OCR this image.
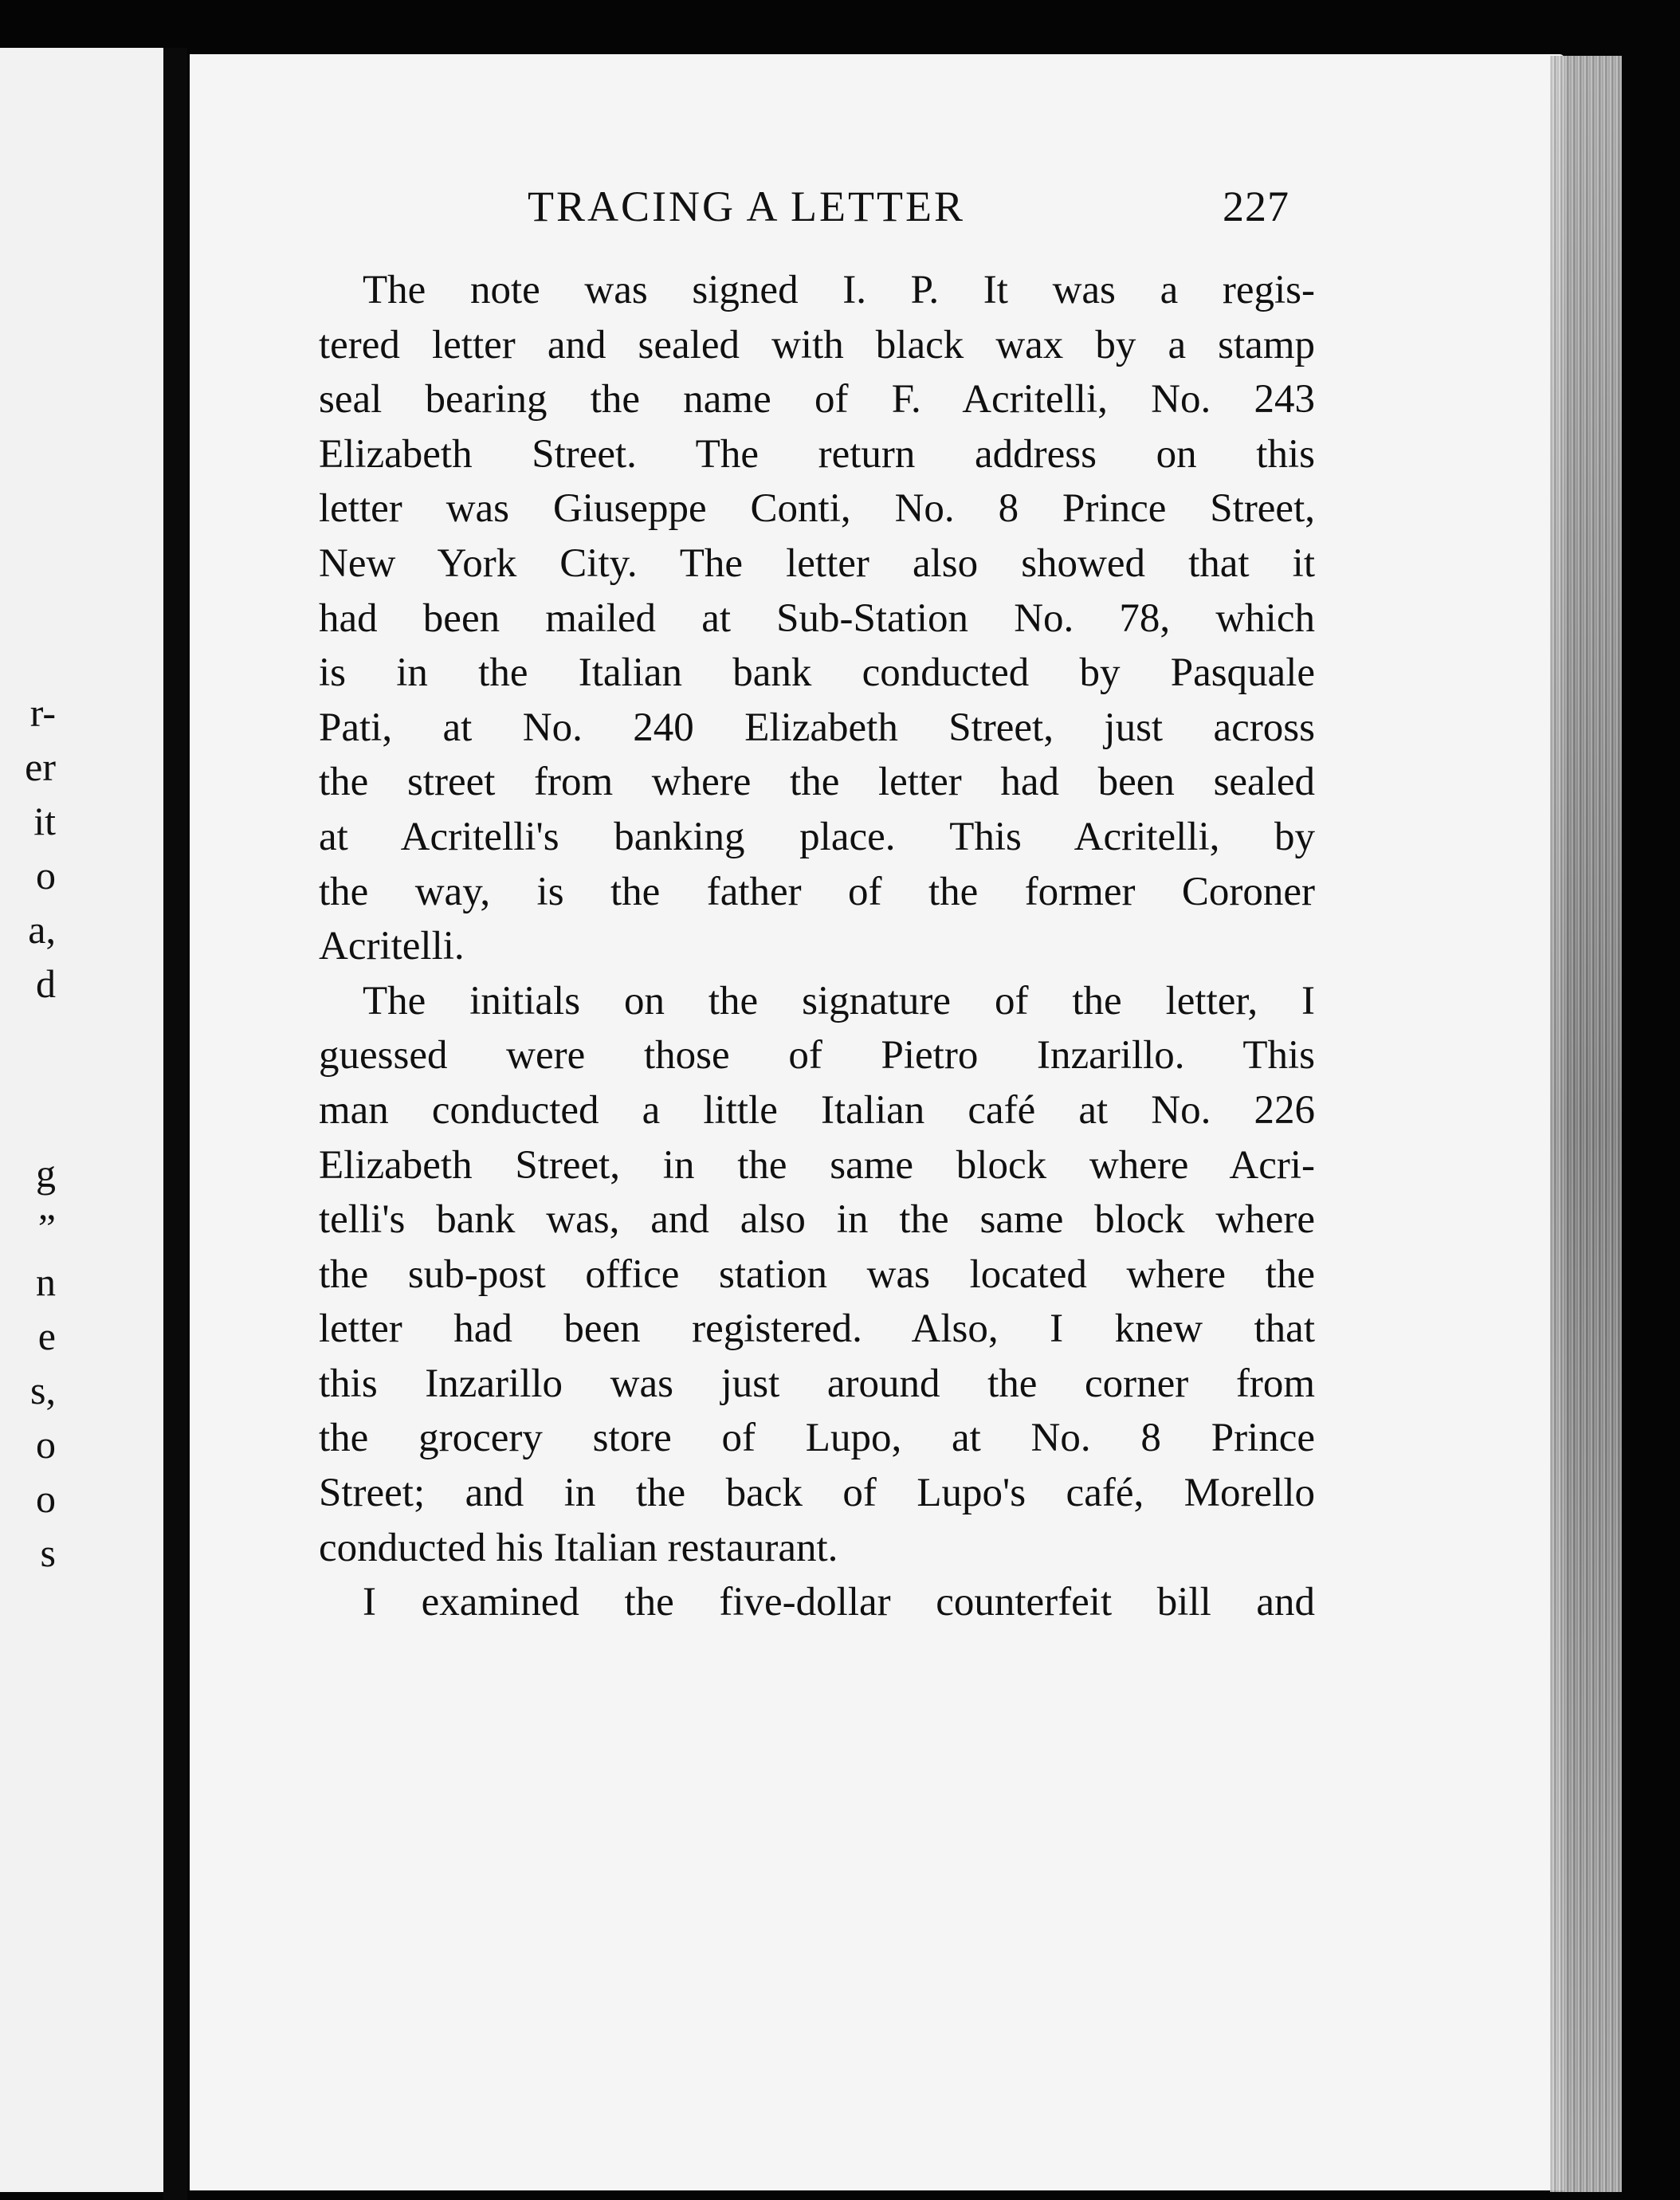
r-
er
it
o
a,
d
g
”
n
e
s,
o
o
s
TRACING A LETTER	227
The note was signed I. P. It was a regis-
tered letter and sealed with black wax by a stamp
seal bearing the name of F. Acritelli, No. 243
Elizabeth Street. The return address on this
letter was Giuseppe Conti, No. 8 Prince Street,
New York City. The letter also showed that it
had been mailed at Sub-Station No. 78, which
is in the Italian bank conducted by Pasquale
Pati, at No. 240 Elizabeth Street, just across
the street from where the letter had been sealed
at Acritelli's banking place. This Acritelli, by
the way, is the father of the former Coroner
Acritelli.
The initials on the signature of the letter, I
guessed were those of Pietro Inzarillo. This
man conducted a little Italian café at No. 226
Elizabeth Street, in the same block where Acri-
telli's bank was, and also in the same block where
the sub-post office station was located where the
letter had been registered. Also, I knew that
this Inzarillo was just around the corner from
the grocery store of Lupo, at No. 8 Prince
Street; and in the back of Lupo's café, Morello
conducted his Italian restaurant.
I examined the five-dollar counterfeit bill and
